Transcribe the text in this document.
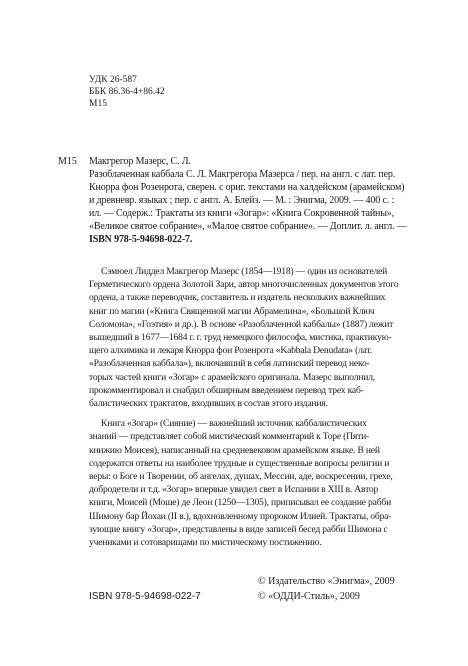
УДК 26-587
ББК 86.36-4+86.42
М15
М15 Макгрегор Мазерс, С. Л.
Разоблаченная каббала С. Л. Макгрегора Мазерса / пер. на англ. с лат. пер.
Кнорра фон Розенрота, сверен. с ориг. текстами на халдейском (арамейском)
и древневр. языках ; пер. с англ. А. Блейз. — М. : Энигма, 2009. — 400 с. :
ил. — Содерж.: Трактаты из книги «Зогар»: «Книга Сокровенной тайны»,
«Великое святое собрание», «Малое святое собрание». — Доплит. л. англ. —
ISBN 978-5-94698-022-7.
Сэмюел Лиддел Макгрегор Мазерс (1854—1918) — один из основателей
Герметического ордена Золотой Зари, автор многочисленных документов этого
ордена, а также переводчик, составитель и издатель нескольких важнейших
книг по магии («Книга Священной магии Абрамелина», «Большой Ключ
Соломона», «Гоэтия» и др.). В основе «Разоблаченной каббалы» (1887) лежит
вышедший в 1677—1684 г. г. труд немецкого философа, мистика, практикую-
щего алхимика и лекаря Кнорра фон Розенрота «Kabbala Denudata» (лат.
«Разоблаченная каббала»), включавший в себя латинский перевод неко-
торых частей книги «Зогар» с арамейского оригинала. Мазерс выполнил,
прокомментировал и снабдил обширным введением перевод трех каб-
балистических трактатов, входивших в состав этого издания.
Книга «Зогар» (Сияние) — важнейший источник каббалистических
знаний — представляет собой мистический комментарий к Торе (Пяти-
книжию Моисея), написанный на средневековом арамейском языке. В ней
содержатся ответы на наиболее трудные и существенные вопросы религии и
веры: о Боге и Творении, об ангелах, душах, Мессии, аде, воскресении, грехе,
добродетели и т.д. «Зогар» впервые увидел свет в Испании в XIII в. Автор
книги, Моисей (Моше) де Леон (1250—1305), приписывал ее создание рабби
Шимону бар Йохаи (II в.), вдохновленному пророком Илией. Трактаты, обра-
зующие книгу «Зогар», представлены в виде записей бесед рабби Шимона с
учениками и сотоварищами по мистическому постижению.
© Издательство «Энигма», 2009
© «ОДДИ-Стиль», 2009
ISBN 978-5-94698-022-7
